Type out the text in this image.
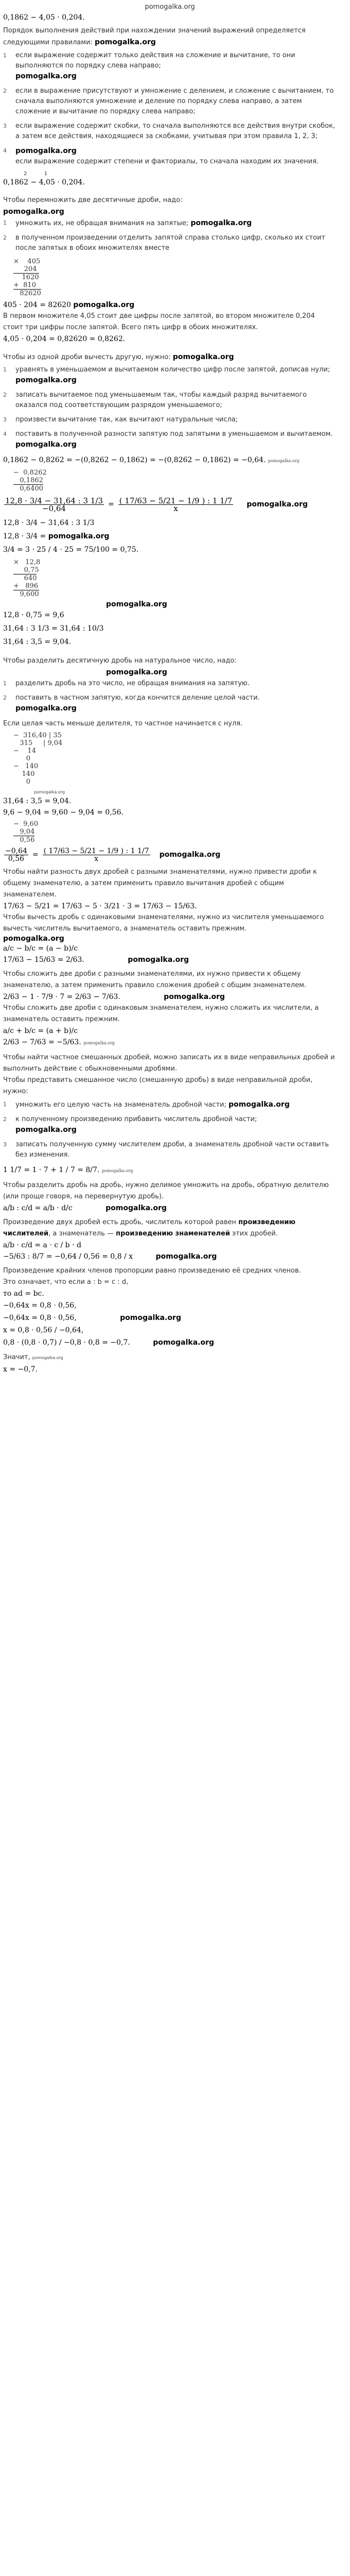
pomogalka.org

0,1862 − 4,05 · 0,204.

Порядок выполнения действий при нахождении значений выражений определяется следующими правилами: pomogalka.org

1 если выражение содержит только действия на сложение и вычитание, то они выполняются по порядку слева направо;
pomogalka.org
2 если в выражение присутствуют и умножение с делением, и сложение с вычитанием, то сначала выполняются умножение и деление по порядку слева направо, а затем сложение и вычитание по порядку слева направо;
3 если выражение содержит скобки, то сначала выполняются все действия внутри скобок, а затем все действия, находящиеся за скобками, учитывая при этом правила 1, 2, 3;
4 pomogalka.org
если выражение содержит степени и факториалы, то сначала находим их значения.
2	1

0,1862 − 4,05 · 0,204.

Чтобы перемножить две десятичные дроби, надо:

pomogalka.org
1 умножить их, не обращая внимания на запятые; pomogalka.org
2 в полученном произведении отделить запятой справа столько цифр, сколько их стоит после запятых в обоих множителях вместе
×    405
204
1620
+  810
82620

405 · 204 = 82620 pomogalka.org

В первом множителе 4,05 стоит две цифры после запятой, во втором множителе 0,204 стоит три цифры после запятой. Всего пять цифр в обоих множителях.

4,05 · 0,204 = 0,82620 = 0,8262.

Чтобы из одной дроби вычесть другую, нужно: pomogalka.org

1 уравнять в уменьшаемом и вычитаемом количество цифр после запятой, дописав нули;
pomogalka.org
2 записать вычитаемое под уменьшаемым так, чтобы каждый разряд вычитаемого оказался под соответствующим разрядом уменьшаемого;
3 произвести вычитание так, как вычитают натуральные числа;
4 поставить в полученной разности запятую под запятыми в уменьшаемом и вычитаемом. pomogalka.org

0,1862 − 0,8262 = −(0,8262 − 0,1862) = −(0,8262 − 0,1862) = −0,64. pomogalka.org

−  0,8262
0,1862
0,6400
$\frac{12,8 \cdot 3/4 - 31,64 : 3 1/3}{-0,64} = \frac{( 17/63 - 5/21 - 1/9 ) : 1 1/7}{x}$ pomogalka.org
12,8 · 3/4 − 31,64 : 3 1/3
12,8 · 3/4 = pomogalka.org
3/4 = 3 · 25 / 4 · 25 = 75/100 = 0,75.
×   12,8
0,75
640
+   896
9,600
pomogalka.org
12,8 · 0,75 = 9,6
31,64 : 3 1/3 = 31,64 : 10/3
31,64 : 3,5 = 9,04.

Чтобы разделить десятичную дробь на натуральное число, надо:

pomogalka.org
1 разделить дробь на это число, не обращая внимания на запятую.
2 поставить в частном запятую, когда кончится деление целой части.
pomogalka.org

Если целая часть меньше делителя, то частное начинается с нуля.

−  316,40 | 35
315     | 9,04
−    14
0
−   140
140
0
pomogalka.org

31,64 : 3,5 = 9,04.

9,6 − 9,04 = 9,60 − 9,04 = 0,56.

−  9,60
9,04
0,56
$\frac{-0,64}{0,56} = \frac{( 17/63 - 5/21 - 1/9 ) : 1 1/7}{x}$ pomogalka.org

Чтобы найти разность двух дробей с разными знаменателями, нужно привести дроби к общему знаменателю, а затем применить правило вычитания дробей с общим знаменателем.

17/63 − 5/21 = 17/63 − 5 · 3/21 · 3 = 17/63 − 15/63.

Чтобы вычесть дробь с одинаковыми знаменателями, нужно из числителя уменьшаемого вычесть числитель вычитаемого, а знаменатель оставить прежним.

pomogalka.org

a/c − b/c = (a − b)/c

17/63 − 15/63 = 2/63.	pomogalka.org

Чтобы сложить две дроби с разными знаменателями, их нужно привести к общему знаменателю, а затем применить правило сложения дробей с общим знаменателем.

2/63 − 1 · 7/9 · 7 = 2/63 − 7/63.	pomogalka.org

Чтобы сложить две дроби с одинаковым знаменателем, нужно сложить их числители, а знаменатель оставить прежним.

a/c + b/c = (a + b)/c

2/63 − 7/63 = −5/63. pomogalka.org

Чтобы найти частное смешанных дробей, можно записать их в виде неправильных дробей и выполнить действие с обыкновенными дробями.

Чтобы представить смешанное число (смешанную дробь) в виде неправильной дроби, нужно:

1 умножить его целую часть на знаменатель дробной части; pomogalka.org
2 к полученному произведению прибавить числитель дробной части;
pomogalka.org
3 записать полученную сумму числителем дроби, а знаменатель дробной части оставить без изменения.

1 1/7 = 1 · 7 + 1 / 7 = 8/7. pomogalka.org

Чтобы разделить дробь на дробь, нужно делимое умножить на дробь, обратную делителю (или проще говоря, на перевернутую дробь).

a/b : c/d = a/b · d/c	pomogalka.org

Произведение двух дробей есть дробь, числитель которой равен произведению числителей, а знаменатель — произведению знаменателей этих дробей.

a/b · c/d = a · c / b · d

−5/63 : 8/7 = −0,64 / 0,56 = 0,8 / x	pomogalka.org

Произведение крайних членов пропорции равно произведению её средних членов.

Это означает, что если a : b = c : d,

то ad = bc.

−0,64x = 0,8 · 0,56,
−0,64x = 0,8 · 0,56,	pomogalka.org
x = 0,8 · 0,56 / −0,64,
0,8 · (0,8 · 0,7) / −0,8 · 0,8 = −0,7.	pomogalka.org

Значит, pomogalka.org

x = −0,7.
